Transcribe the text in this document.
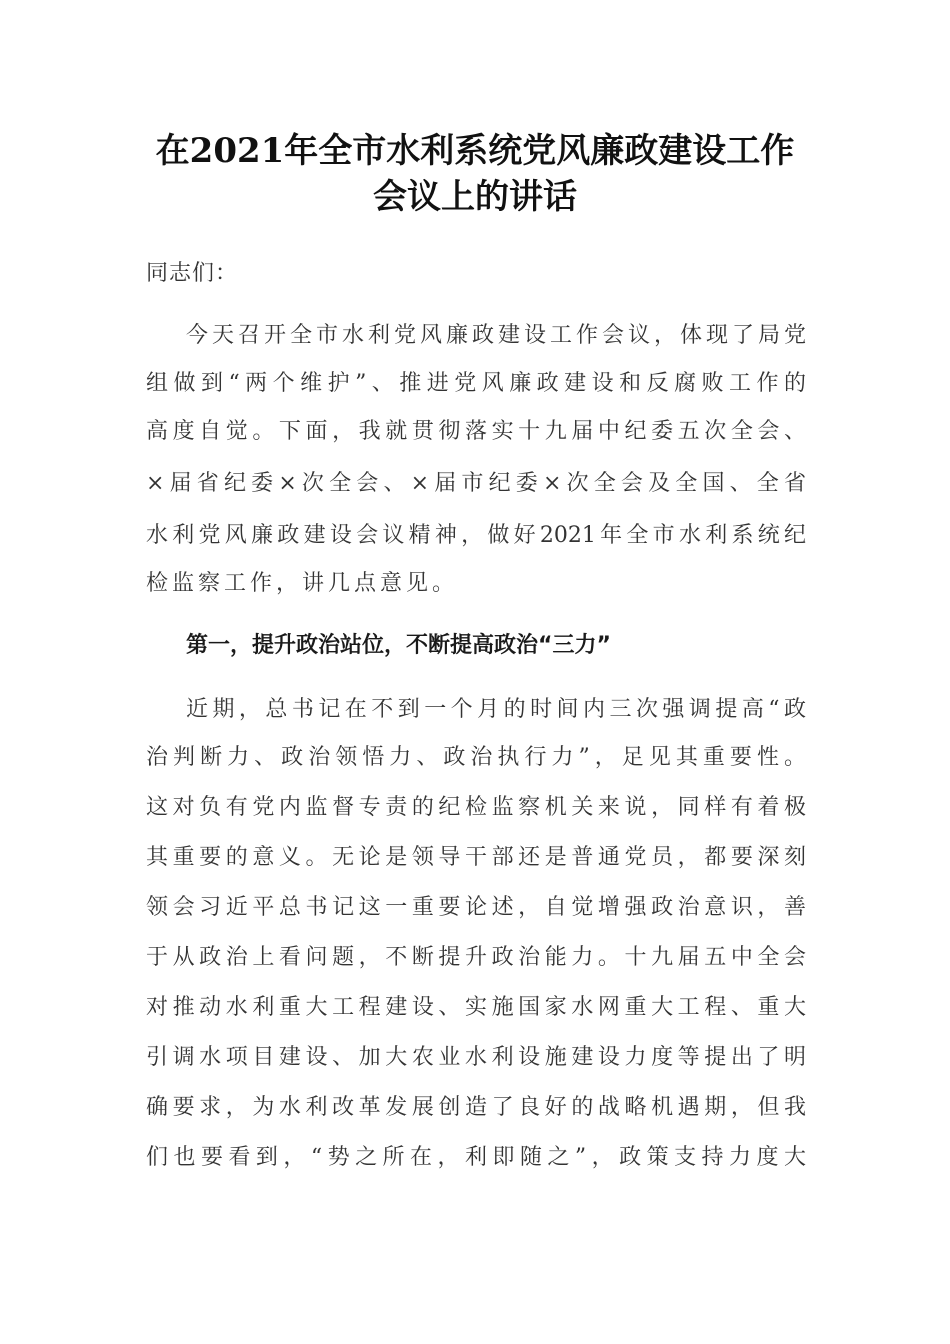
在2021年全市水利系统党风廉政建设工作
会议上的讲话

同志们：

今天召开全市水利党风廉政建设工作会议，体现了局党

组做到“两个维护”、推进党风廉政建设和反腐败工作的

高度自觉。下面，我就贯彻落实十九届中纪委五次全会、

×届省纪委×次全会、×届市纪委×次全会及全国、全省

水利党风廉政建设会议精神，做好2021年全市水利系统纪

检监察工作，讲几点意见。

第一，提升政治站位，不断提高政治“三力”

近期，总书记在不到一个月的时间内三次强调提高“政

治判断力、政治领悟力、政治执行力”，足见其重要性。

这对负有党内监督专责的纪检监察机关来说，同样有着极

其重要的意义。无论是领导干部还是普通党员，都要深刻

领会习近平总书记这一重要论述，自觉增强政治意识，善

于从政治上看问题，不断提升政治能力。十九届五中全会

对推动水利重大工程建设、实施国家水网重大工程、重大

引调水项目建设、加大农业水利设施建设力度等提出了明

确要求，为水利改革发展创造了良好的战略机遇期，但我

们也要看到，“势之所在，利即随之”，政策支持力度大
